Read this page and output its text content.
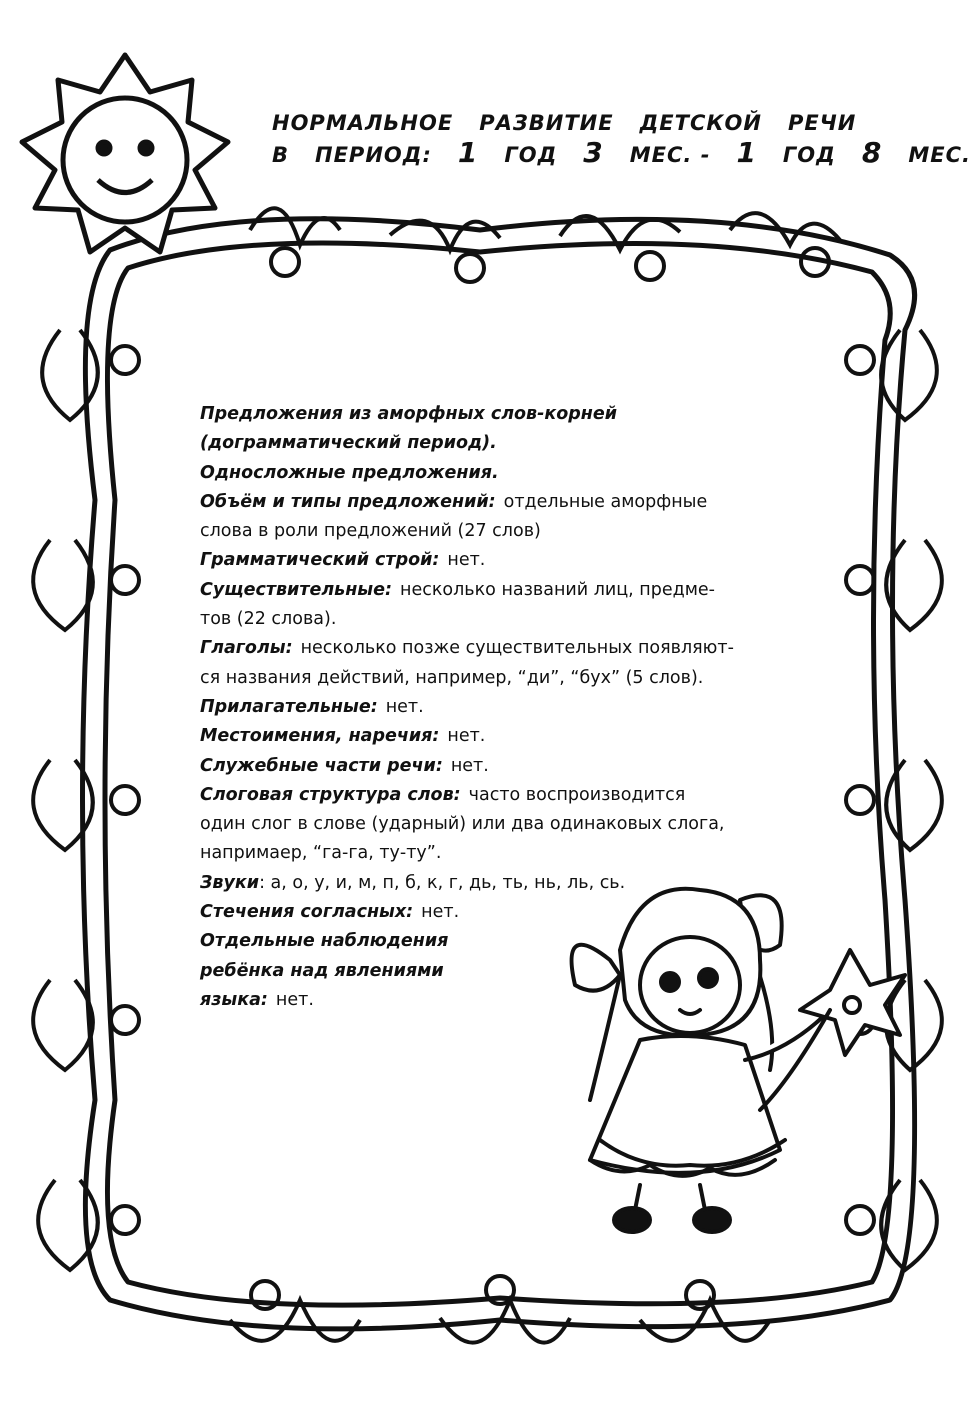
НОРМАЛЬНОЕ РАЗВИТИЕ ДЕТСКОЙ РЕЧИ
В ПЕРИОД: 1 ГОД 3 МЕС. - 1 ГОД 8 МЕС.
Предложения из аморфных слов-корней
(дограмматический период).
Односложные предложения.
Объём и типы предложений: отдельные аморфные
слова в роли предложений (27 слов)
Грамматический строй: нет.
Существительные: несколько названий лиц, предме-
тов (22 слова).
Глаголы: несколько позже существительных появляют-
ся названия действий, например, “ди”, “бух” (5 слов).
Прилагательные: нет.
Местоимения, наречия: нет.
Служебные части речи: нет.
Слоговая структура слов: часто воспроизводится
один слог в слове (ударный) или два одинаковых слога,
напримаер, “га-га, ту-ту”.
Звуки: а, о, у, и, м, п, б, к, г, дь, ть, нь, ль, сь.
Стечения согласных: нет.
Отдельные наблюдения
ребёнка над явлениями
языка: нет.
